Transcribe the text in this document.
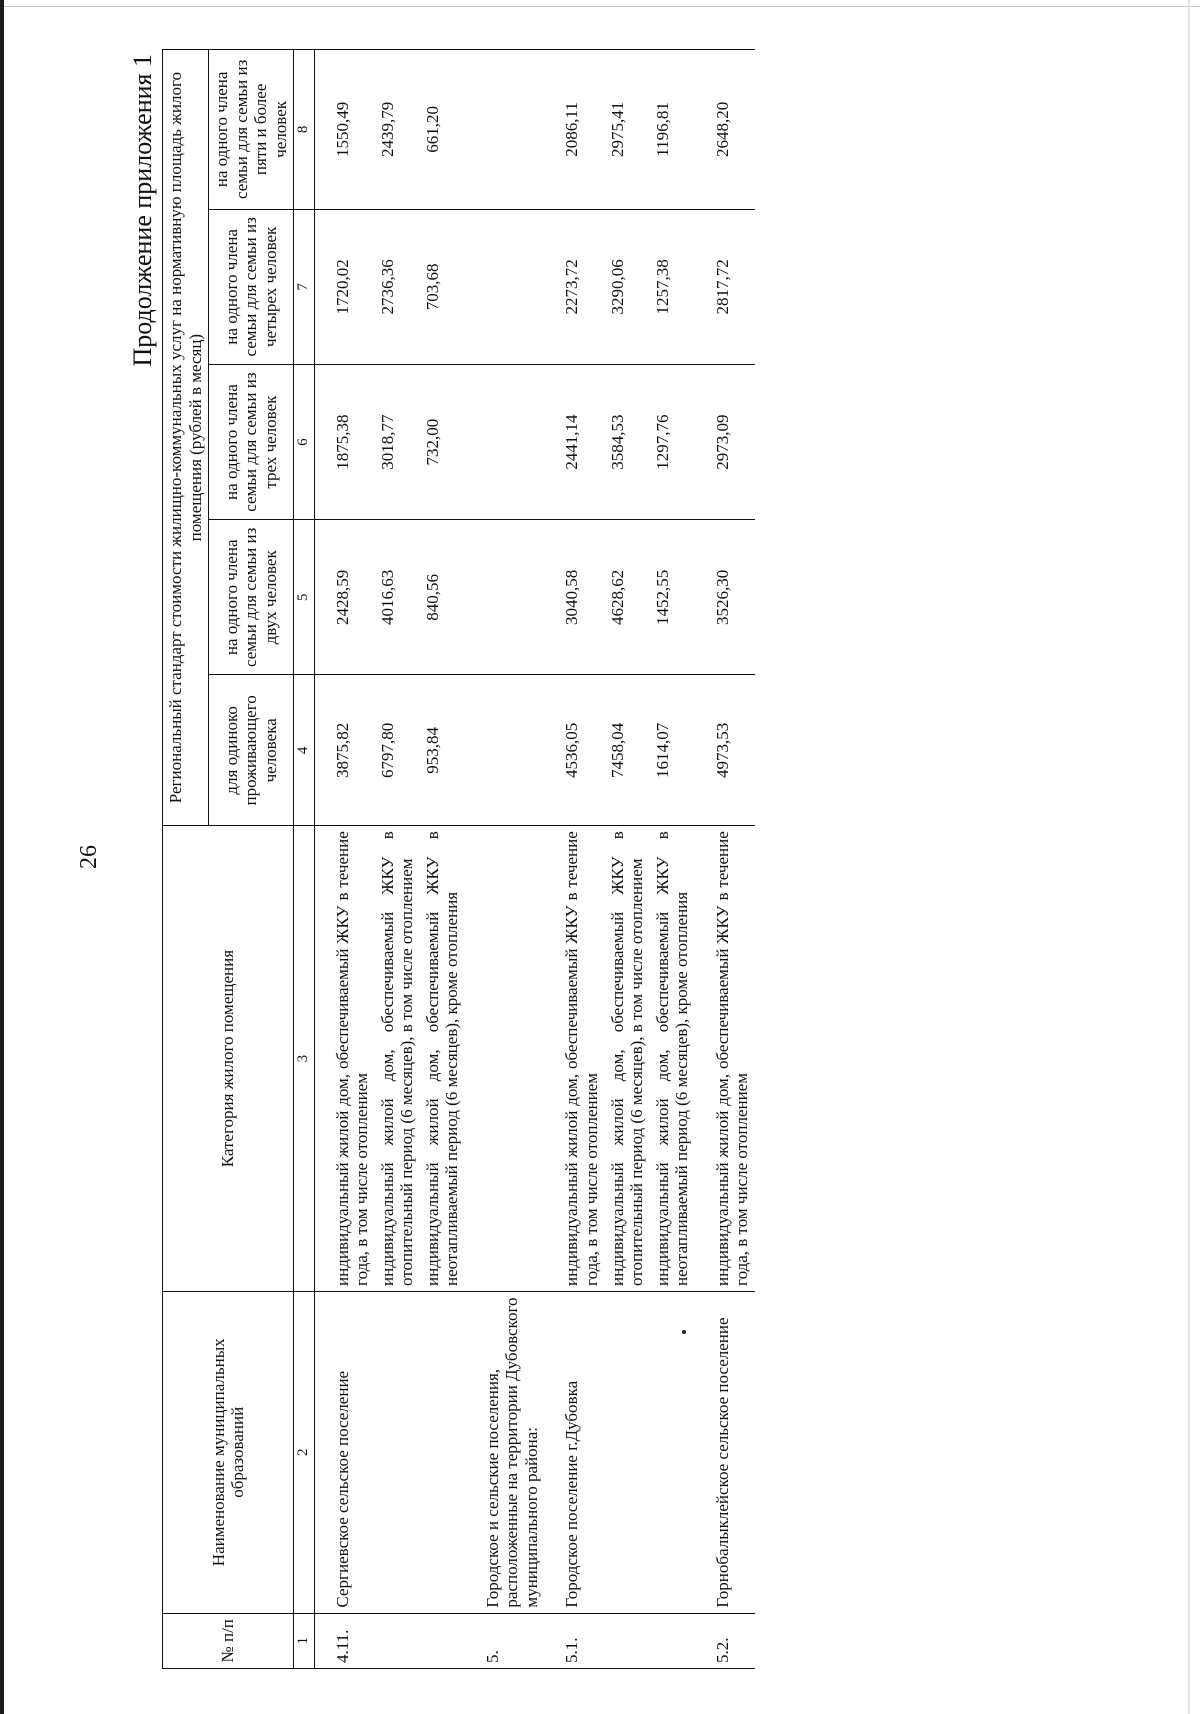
26
Продолжение приложения 1
№ п/п	Наименование муниципальных образований	Категория жилого помещения	Региональный стандарт стоимости жилищно-коммунальных услуг на нормативную площадь жилого помещения (рублей в месяц)				
			для одиноко проживающего человека	на одного члена семьи для семьи из двух человек	на одного члена семьи для семьи из трех человек	на одного члена семьи для семьи из четырех человек	на одного члена семьи для семьи из пяти и более человек
1	2	3	4	5	6	7	8
4.11.	Сергиевское сельское поселение	индивидуальный жилой дом, обеспечиваемый ЖКУ в течение года, в том числе отоплением	3875,82	2428,59	1875,38	1720,02	1550,49
		индивидуальный жилой дом, обеспечиваемый ЖКУ в отопительный период (6 месяцев), в том числе отоплением	6797,80	4016,63	3018,77	2736,36	2439,79
		индивидуальный жилой дом, обеспечиваемый ЖКУ в неотапливаемый период (6 месяцев), кроме отопления	953,84	840,56	732,00	703,68	661,20
5.	Городское и сельские поселения, расположенные на территории Дубовского муниципального района:						
5.1.	Городское поселение г.Дубовка	индивидуальный жилой дом, обеспечиваемый ЖКУ в течение года, в том числе отоплением	4536,05	3040,58	2441,14	2273,72	2086,11
		индивидуальный жилой дом, обеспечиваемый ЖКУ в отопительный период (6 месяцев), в том числе отоплением	7458,04	4628,62	3584,53	3290,06	2975,41
		индивидуальный жилой дом, обеспечиваемый ЖКУ в неотапливаемый период (6 месяцев), кроме отопления	1614,07	1452,55	1297,76	1257,38	1196,81
5.2.	Горнобалыклейское сельское поселение	индивидуальный жилой дом, обеспечиваемый ЖКУ в течение года, в том числе отоплением	4973,53	3526,30	2973,09	2817,72	2648,20
